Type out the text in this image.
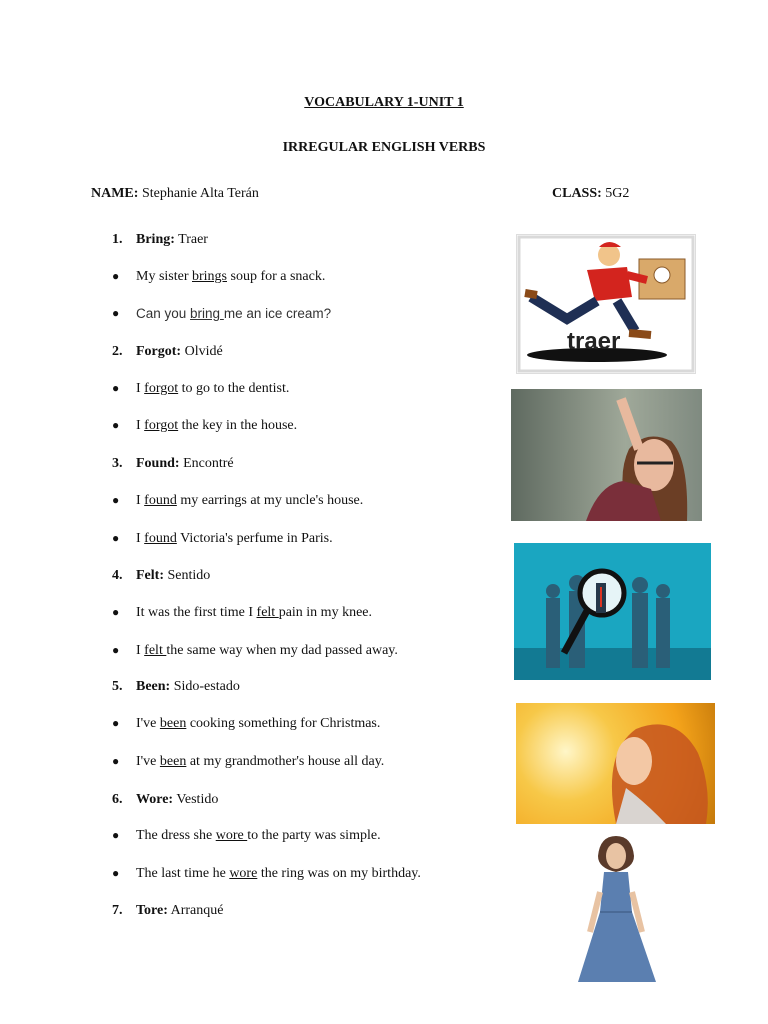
VOCABULARY 1-UNIT 1
IRREGULAR ENGLISH VERBS
NAME: Stephanie Alta Terán	CLASS: 5G2
1. Bring: Traer
● My sister brings soup for a snack.
● Can you bring me an ice cream?
2. Forgot: Olvidé
● I forgot to go to the dentist.
● I forgot the key in the house.
3. Found: Encontré
● I found my earrings at my uncle's house.
● I found Victoria's perfume in Paris.
4. Felt: Sentido
● It was the first time I felt pain in my knee.
● I felt the same way when my dad passed away.
5. Been: Sido-estado
● I've been cooking something for Christmas.
● I've been at my grandmother's house all day.
6. Wore: Vestido
● The dress she wore to the party was simple.
● The last time he wore the ring was on my birthday.
7. Tore: Arranqué
traer
